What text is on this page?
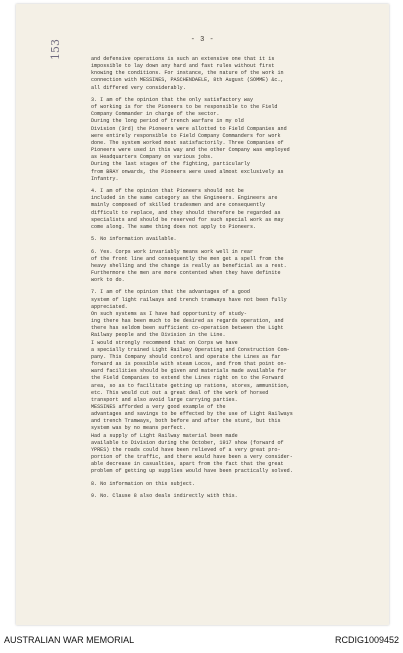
153	- 3 -

and defensive operations is such an extensive one that it is
impossible to lay down any hard and fast rules without first
knowing the conditions. For instance, the nature of the work in
connection with MESSINES, PASCHENDAELE, 8th August (SOMME) &c.,
all differed very considerably.

3. I am of the opinion that the only satisfactory way
of working is for the Pioneers to be responsible to the Field
Company Commander in charge of the sector.
During the long period of trench warfare in my old
Division (3rd) the Pioneers were allotted to Field Companies and
were entirely responsible to Field Company Commanders for work
done. The system worked most satisfactorily. Three Companies of
Pioneers were used in this way and the other Company was employed
as Headquarters Company on various jobs.
During the last stages of the fighting, particularly
from BRAY onwards, the Pioneers were used almost exclusively as
Infantry.

4. I am of the opinion that Pioneers should not be
included in the same category as the Engineers. Engineers are
mainly composed of skilled tradesmen and are consequently
difficult to replace, and they should therefore be regarded as
specialists and should be reserved for such special work as may
come along. The same thing does not apply to Pioneers.

5. No information available.

6. Yes. Corps work invariably means work well in rear
of the front line and consequently the men get a spell from the
heavy shelling and the change is really as beneficial as a rest.
Furthermore the men are more contented when they have definite
work to do.

7. I am of the opinion that the advantages of a good
system of light railways and trench tramways have not been fully
appreciated.
On such systems as I have had opportunity of study-
ing there has been much to be desired as regards operation, and
there has seldom been sufficient co-operation between the Light
Railway people and the Division in the Line.
I would strongly recommend that on Corps we have
a specially trained Light Railway Operating and Construction Com-
pany. This Company should control and operate the Lines as far
forward as is possible with steam Locos, and from that point on-
ward facilities should be given and materials made available for
the Field Companies to extend the Lines right on to the Forward
area, so as to facilitate getting up rations, stores, ammunition,
etc. This would cut out a great deal of the work of horsed
transport and also avoid large carrying parties.
MESSINES afforded a very good example of the
advantages and savings to be effected by the use of Light Railways
and trench Tramways, both before and after the stunt, but this
system was by no means perfect.
Had a supply of Light Railway material been made
available to Division during the October, 1917 show (forward of
YPRES) the roads could have been relieved of a very great pro-
portion of the traffic, and there would have been a very consider-
able decrease in casualties, apart from the fact that the great
problem of getting up supplies would have been practically solved.

8. No information on this subject.

9. No. Clause 8 also deals indirectly with this.

AUSTRALIAN WAR MEMORIAL	RCDIG1009452
